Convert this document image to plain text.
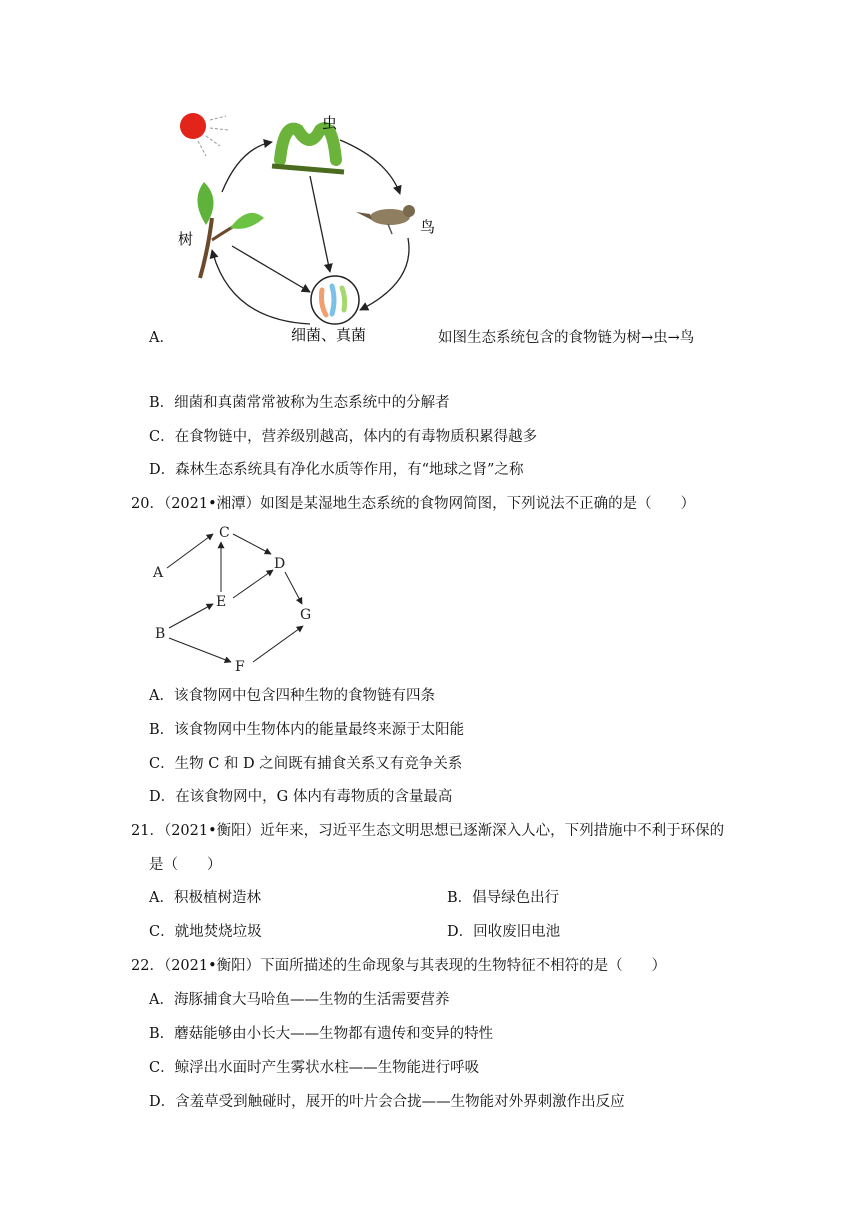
虫
鸟
树
细菌、真菌
A．	如图生态系统包含的食物链为树→虫→鸟
B．细菌和真菌常常被称为生态系统中的分解者
C．在食物链中，营养级别越高，体内的有毒物质积累得越多
D．森林生态系统具有净化水质等作用，有“地球之肾”之称
20．（2021•湘潭）如图是某湿地生态系统的食物网简图，下列说法不正确的是（　　）
A
C
D
E
G
B
F
A．该食物网中包含四种生物的食物链有四条
B．该食物网中生物体内的能量最终来源于太阳能
C．生物 C 和 D 之间既有捕食关系又有竞争关系
D．在该食物网中，G 体内有毒物质的含量最高
21．（2021•衡阳）近年来，习近平生态文明思想已逐渐深入人心，下列措施中不利于环保的
是（　　）
A．积极植树造林	B．倡导绿色出行
C．就地焚烧垃圾	D．回收废旧电池
22．（2021•衡阳）下面所描述的生命现象与其表现的生物特征不相符的是（　　）
A．海豚捕食大马哈鱼——生物的生活需要营养
B．蘑菇能够由小长大——生物都有遗传和变异的特性
C．鲸浮出水面时产生雾状水柱——生物能进行呼吸
D．含羞草受到触碰时，展开的叶片会合拢——生物能对外界刺激作出反应
